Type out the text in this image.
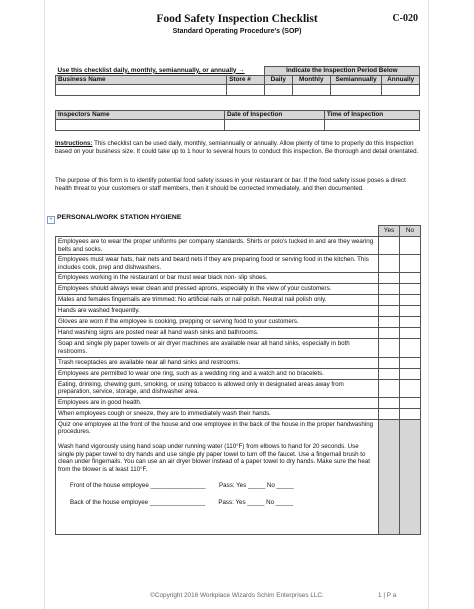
Food Safety Inspection Checklist	C-020
Standard Operating Procedure's (SOP)
Use this checklist daily, monthly, semiannually, or annually →		Indicate the Inspection Period Below			
Business Name	Store #	Daily	Monthly	Semiannually	Annually

Inspectors Name	Date of Inspection	Time of Inspection

Instructions: This checklist can be used daily, monthly, semiannually or annually. Allow plenty of time to properly do this Inspection based on your business size. It could take up to 1 hour to several hours to conduct this inspection. Be thorough and detail orientated.
The purpose of this form is to identify potential food safety issues in your restaurant or bar. If the food safety issue poses a direct health threat to your customers or staff members, then it should be corrected immediately, and then documented.
+ PERSONAL/WORK STATION HYGIENE
	Yes	No
Employees are to wear the proper uniforms per company standards. Shirts or polo's tucked in and are they wearing belts and socks.		
Employees must wear hats, hair nets and beard nets if they are preparing food or serving food in the kitchen. This includes cook, prep and dishwashers.		
Employees working in the restaurant or bar must wear black non- slip shoes.		
Employees should always wear clean and pressed aprons, especially in the view of your customers.		
Males and females fingernails are trimmed: No artificial nails or nail polish. Neutral nail polish only.		
Hands are washed frequently.		
Gloves are worn if the employee is cooking, prepping or serving food to your customers.		
Hand washing signs are posted near all hand wash sinks and bathrooms.		
Soap and single ply paper towels or air dryer machines are available near all hand sinks, especially in both restrooms.		
Trash receptacles are available near all hand sinks and restrooms.		
Employees are permitted to wear one ring, such as a wedding ring and a watch and no bracelets.		
Eating, drinking, chewing gum, smoking, or using tobacco is allowed only in designated areas away from preparation, service, storage, and dishwasher area.		
Employees are in good health.		
When employees cough or sneeze, they are to immediately wash their hands.		

Quiz one employee at the front of the house and one employee in the back of the house in the proper handwashing procedures.
Wash hand vigorously using hand soap under running water (110°F) from elbows to hand for 20 seconds. Use single ply paper towel to dry hands and use single ply paper towel to turn off the faucet. Use a fingernail brush to clean under fingernails. You can use an air dryer blower instead of a paper towel to dry hands. Make sure the heat from the blower is at least 110°F.
Front of the house employee ________________ Pass: Yes _____ No _____
Back of the house employee ________________ Pass: Yes _____ No _____		

©Copyright 2016 Workplace Wizards Schim Enterprises LLC.	1 | P a
